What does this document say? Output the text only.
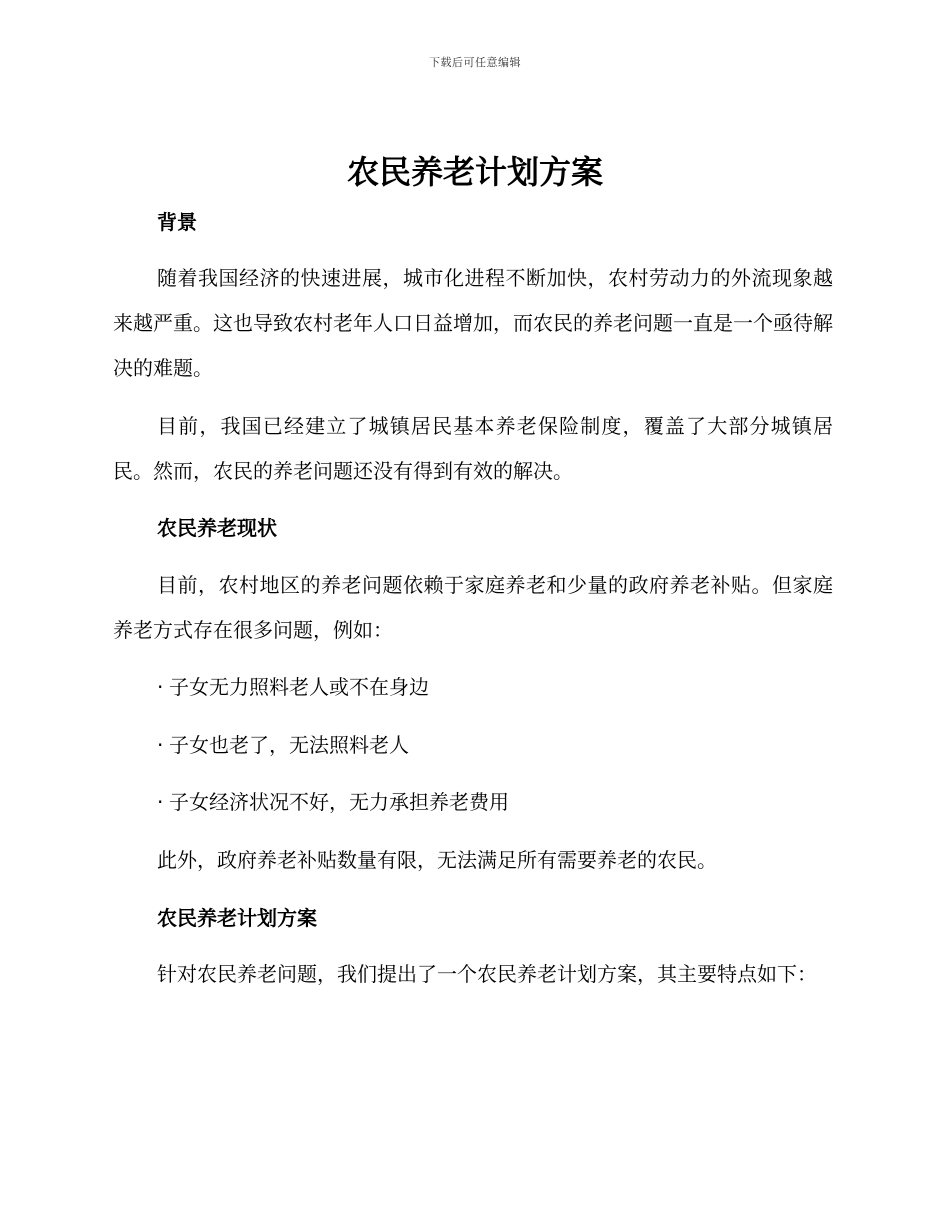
下载后可任意编辑
农民养老计划方案
背景

随着我国经济的快速进展，城市化进程不断加快，农村劳动力的外流现象越来越严重。这也导致农村老年人口日益增加，而农民的养老问题一直是一个亟待解决的难题。

目前，我国已经建立了城镇居民基本养老保险制度，覆盖了大部分城镇居民。然而，农民的养老问题还没有得到有效的解决。

农民养老现状

目前，农村地区的养老问题依赖于家庭养老和少量的政府养老补贴。但家庭养老方式存在很多问题，例如：

· 子女无力照料老人或不在身边
· 子女也老了，无法照料老人
· 子女经济状况不好，无力承担养老费用
此外，政府养老补贴数量有限，无法满足所有需要养老的农民。
农民养老计划方案

针对农民养老问题，我们提出了一个农民养老计划方案，其主要特点如下：
